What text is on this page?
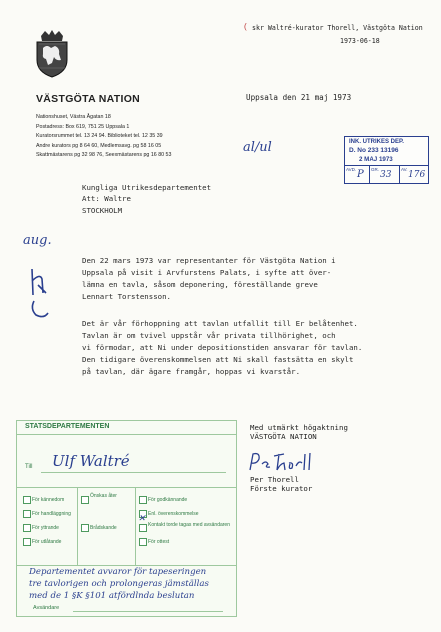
VÄSTGÖTA NATION
Nationshuset, Västra Ågatan 18
Postadress: Box 619, 751 25 Uppsala 1
Kuratorsrummet tel. 13 24 94. Biblioteket tel. 12 35 39
Andre kurators pg 8 64 60, Medlemsavg. pg 58 16 05
Skattmästarens pg 32 98 76, Seexmästarens pg 16 80 53
( skr Waltré-kurator Thorell, Västgöta Nation
1973-06-18
Uppsala den 21 maj 1973
al/ul	INK. UTRIKES DEP.
D. No 233 13196
2 MAJ 1973
AVD. P GR.
33
AV.
176
Kungliga Utrikesdepartementet
Att: Waltre
STOCKHOLM
aug.
Den 22 mars 1973 var representanter för Västgöta Nation i
Uppsala på visit i Arvfurstens Palats, i syfte att över-
lämna en tavla, såsom deponering, föreställande greve
Lennart Torstensson.
Det är vår förhoppning att tavlan utfallit till Er belåtenhet.
Tavlan är om tvivel uppstår vår privata tillhörighet, och
vi förmodar, att Ni under depositionstiden ansvarar för tavlan.
Den tidigare överenskommelsen att Ni skall fastsätta en skylt
på tavlan, där ägare framgår, hoppas vi kvarstår.
Med utmärkt högaktning
VÄSTGÖTA NATION
Per Thorell
Förste kurator
STATSDEPARTEMENTEN
Till Ulf Waltré
För kännedom
För handläggning
För yttrande
För utlåtande
Önskas åter
Brådskande
För godkännande
✕ Enl. överenskommelse
Kontakt torde tagas med avsändaren
För ottest
Departementet avvaror för tapeseringen
tre tavlorigen och prolongeras jämställas
med de 1 §K §101 atfördlnda beslutan
Avsändare
